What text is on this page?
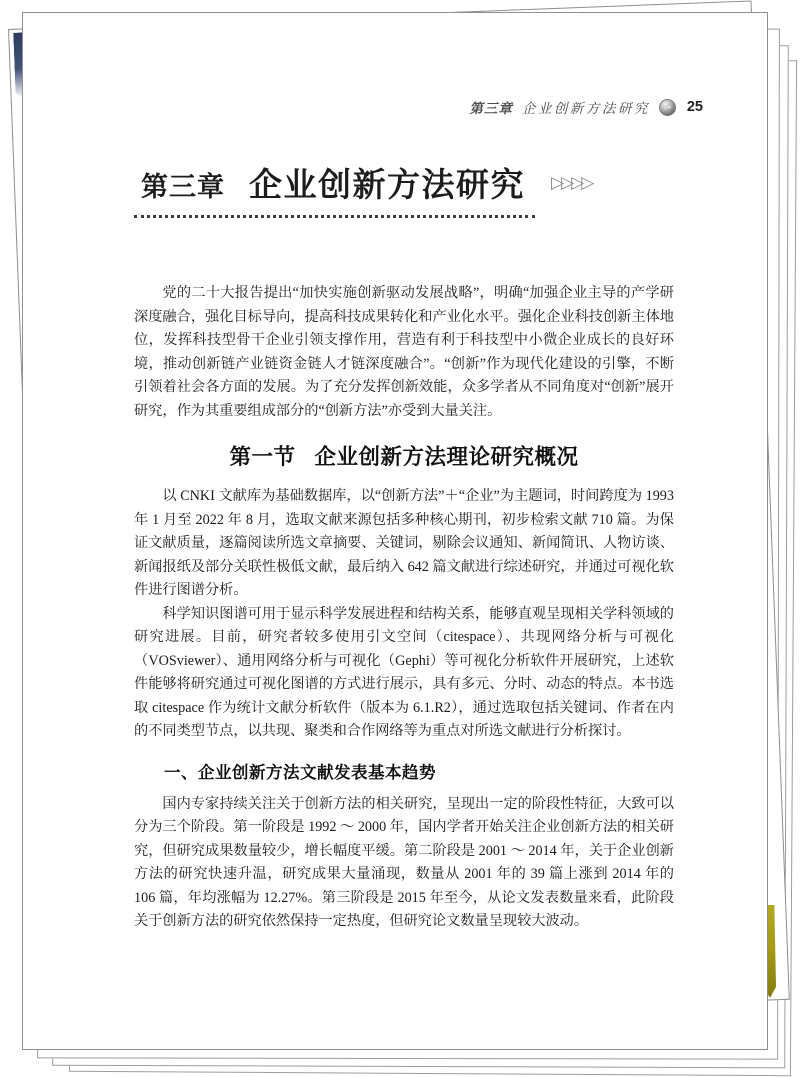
第三章 企业创新方法研究 → 25
第三章 企业创新方法研究 ▷▷▷▷

党的二十大报告提出“加快实施创新驱动发展战略”，明确“加强企业主导的产学研深度融合，强化目标导向，提高科技成果转化和产业化水平。强化企业科技创新主体地位，发挥科技型骨干企业引领支撑作用，营造有利于科技型中小微企业成长的良好环境，推动创新链产业链资金链人才链深度融合”。“创新”作为现代化建设的引擎，不断引领着社会各方面的发展。为了充分发挥创新效能，众多学者从不同角度对“创新”展开研究，作为其重要组成部分的“创新方法”亦受到大量关注。

第一节 企业创新方法理论研究概况

以 CNKI 文献库为基础数据库，以“创新方法”＋“企业”为主题词，时间跨度为 1993 年 1 月至 2022 年 8 月，选取文献来源包括多种核心期刊，初步检索文献 710 篇。为保证文献质量，逐篇阅读所选文章摘要、关键词，剔除会议通知、新闻简讯、人物访谈、新闻报纸及部分关联性极低文献，最后纳入 642 篇文献进行综述研究，并通过可视化软件进行图谱分析。

科学知识图谱可用于显示科学发展进程和结构关系，能够直观呈现相关学科领域的研究进展。目前，研究者较多使用引文空间（citespace）、共现网络分析与可视化（VOSviewer）、通用网络分析与可视化（Gephi）等可视化分析软件开展研究，上述软件能够将研究通过可视化图谱的方式进行展示，具有多元、分时、动态的特点。本书选取 citespace 作为统计文献分析软件（版本为 6.1.R2），通过选取包括关键词、作者在内的不同类型节点，以共现、聚类和合作网络等为重点对所选文献进行分析探讨。

一、企业创新方法文献发表基本趋势

国内专家持续关注关于创新方法的相关研究，呈现出一定的阶段性特征，大致可以分为三个阶段。第一阶段是 1992 ～ 2000 年，国内学者开始关注企业创新方法的相关研究，但研究成果数量较少，增长幅度平缓。第二阶段是 2001 ～ 2014 年，关于企业创新方法的研究快速升温，研究成果大量涌现，数量从 2001 年的 39 篇上涨到 2014 年的 106 篇，年均涨幅为 12.27%。第三阶段是 2015 年至今，从论文发表数量来看，此阶段关于创新方法的研究依然保持一定热度，但研究论文数量呈现较大波动。
